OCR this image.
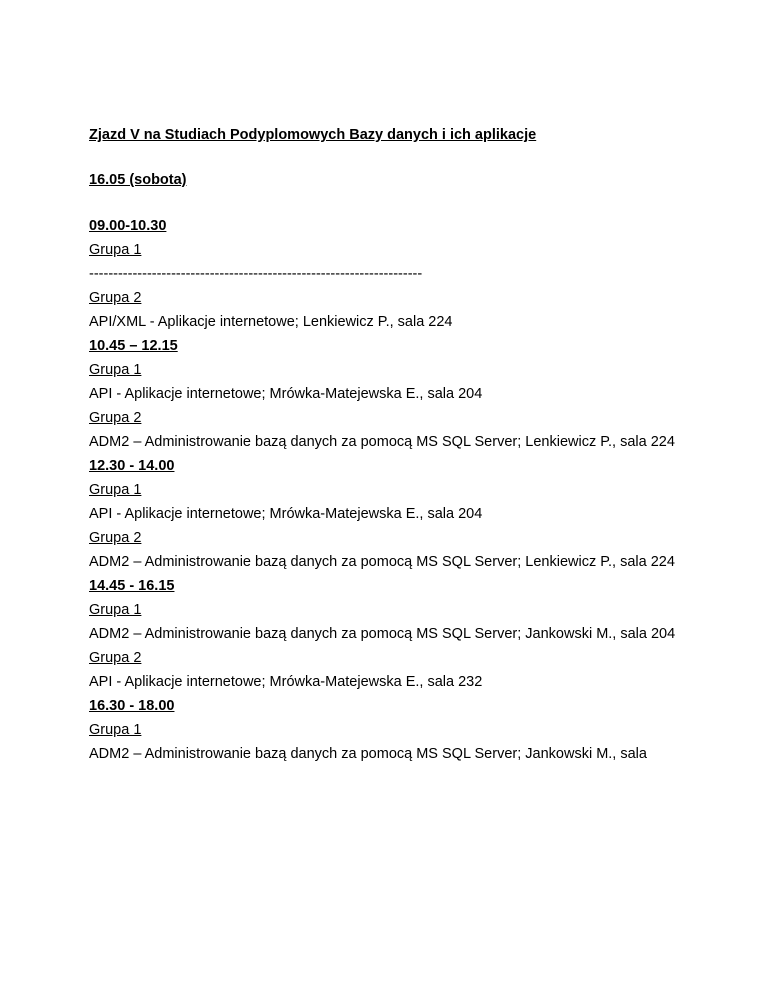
Zjazd V na Studiach Podyplomowych Bazy danych i ich aplikacje

16.05 (sobota)

09.00-10.30
Grupa 1
---------------------------------------------------------------------
Grupa 2
API/XML - Aplikacje internetowe; Lenkiewicz P., sala 224
10.45 – 12.15
Grupa 1
API - Aplikacje internetowe; Mrówka-Matejewska E., sala 204
Grupa 2
ADM2 – Administrowanie bazą danych za pomocą MS SQL Server; Lenkiewicz P., sala 224
12.30 - 14.00
Grupa 1
API - Aplikacje internetowe; Mrówka-Matejewska E., sala 204
Grupa 2
ADM2 – Administrowanie bazą danych za pomocą MS SQL Server; Lenkiewicz P., sala 224
14.45 - 16.15
Grupa 1
ADM2 – Administrowanie bazą danych za pomocą MS SQL Server; Jankowski M., sala 204
Grupa 2
API - Aplikacje internetowe; Mrówka-Matejewska E., sala 232
16.30 - 18.00
Grupa 1
ADM2 – Administrowanie bazą danych za pomocą MS SQL Server; Jankowski M., sala
